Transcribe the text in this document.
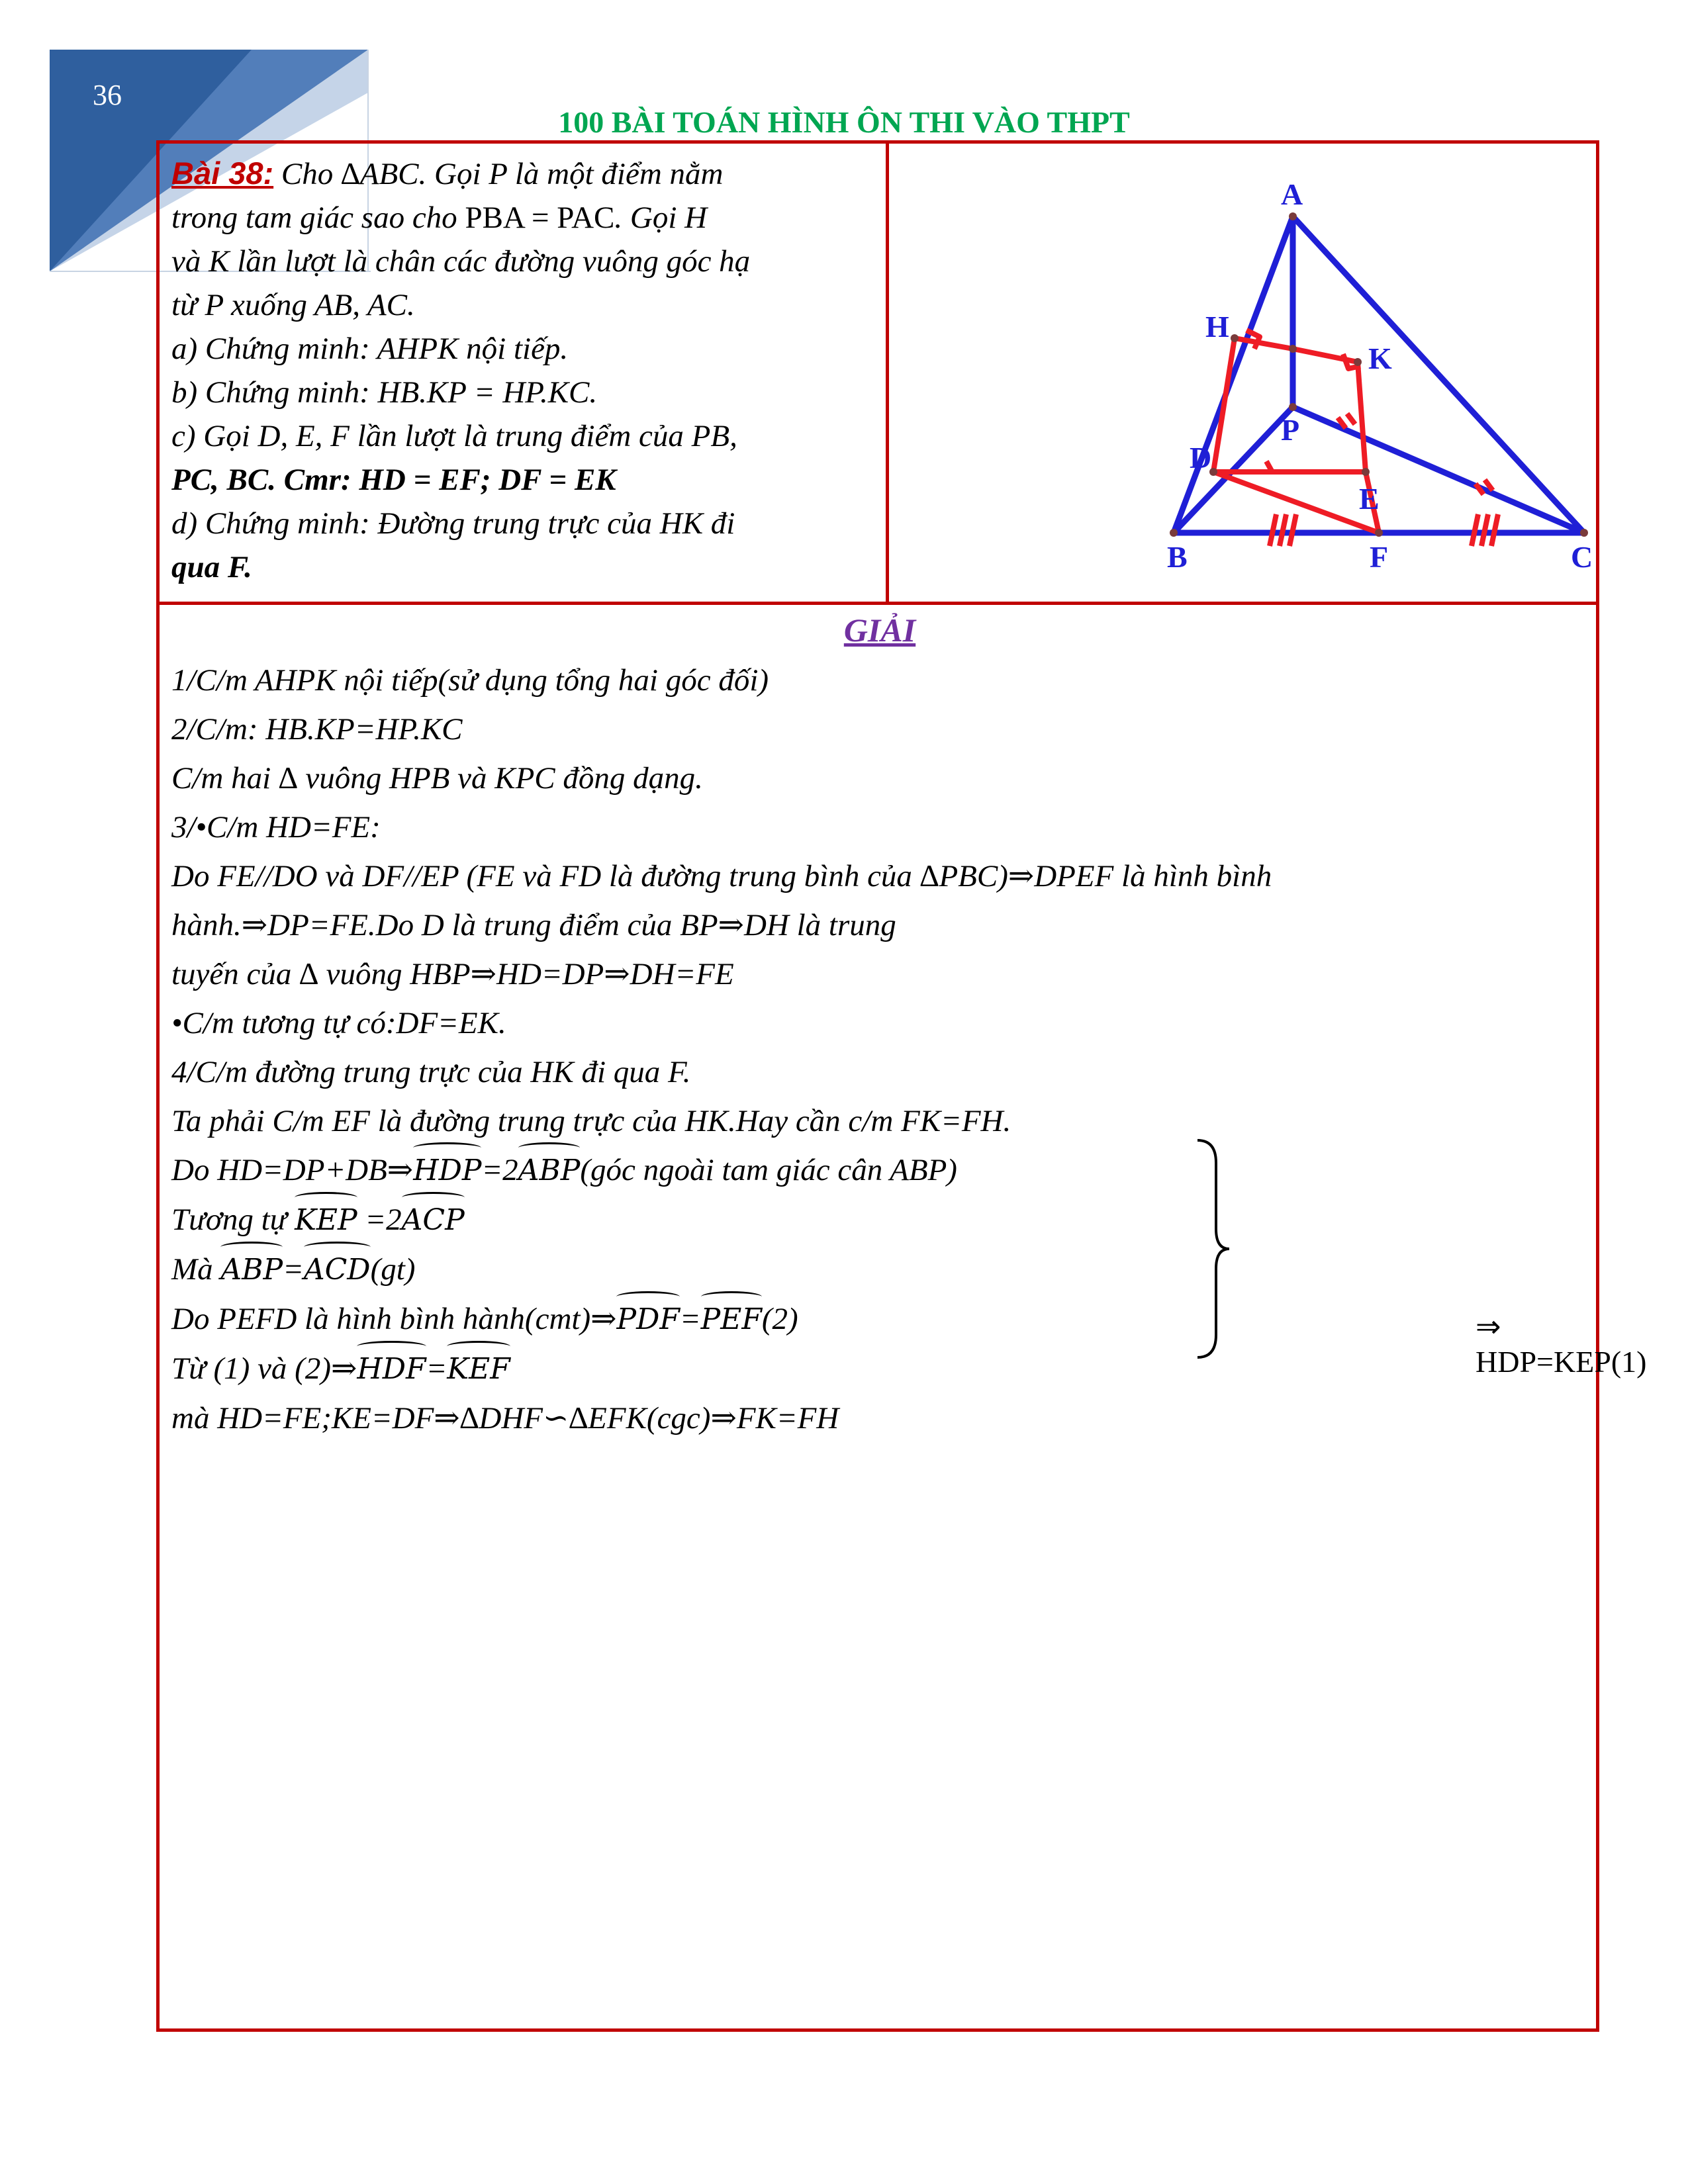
36
100 BÀI TOÁN HÌNH ÔN THI VÀO THPT

Bài 38: Cho ∆ABC. Gọi P là một điểm nằm

trong tam giác sao cho PBA = PAC. Gọi H

và K lần lượt là chân các đường vuông góc hạ

từ P xuống AB, AC.

a) Chứng minh: AHPK nội tiếp.

b) Chứng minh: HB.KP = HP.KC.

c) Gọi D, E, F lần lượt là trung điểm của PB,

PC, BC. Cmr: HD = EF; DF = EK

d) Chứng minh: Đường trung trực của HK đi

qua F.

A
H
K
P
D
E
B	F	C
GIẢI

1/C/m AHPK nội tiếp(sử dụng tổng hai góc đối)

2/C/m: HB.KP=HP.KC

C/m hai ∆ vuông HPB và KPC đồng dạng.

3/•C/m HD=FE:

Do FE//DO và DF//EP (FE và FD là đường trung bình của ∆PBC)⇒DPEF là hình bình

hành.⇒DP=FE.Do D là trung điểm của BP⇒DH là trung

tuyến của ∆ vuông HBP⇒HD=DP⇒DH=FE

•C/m tương tự có:DF=EK.

4/C/m đường trung trực của HK đi qua F.

Ta phải C/m EF là đường trung trực của HK.Hay cần c/m FK=FH.

Do HD=DP+DB⇒HDP=2ABP(góc ngoài tam giác cân ABP)

Tương tự KEP =2ACP

Mà ABP=ACD(gt)

Do PEFD là hình bình hành(cmt)⇒PDF=PEF(2)

Từ (1) và (2)⇒HDF=KEF

mà HD=FE;KE=DF⇒∆DHF∽∆EFK(cgc)⇒FK=FH

⇒ HDP=KEP(1)
